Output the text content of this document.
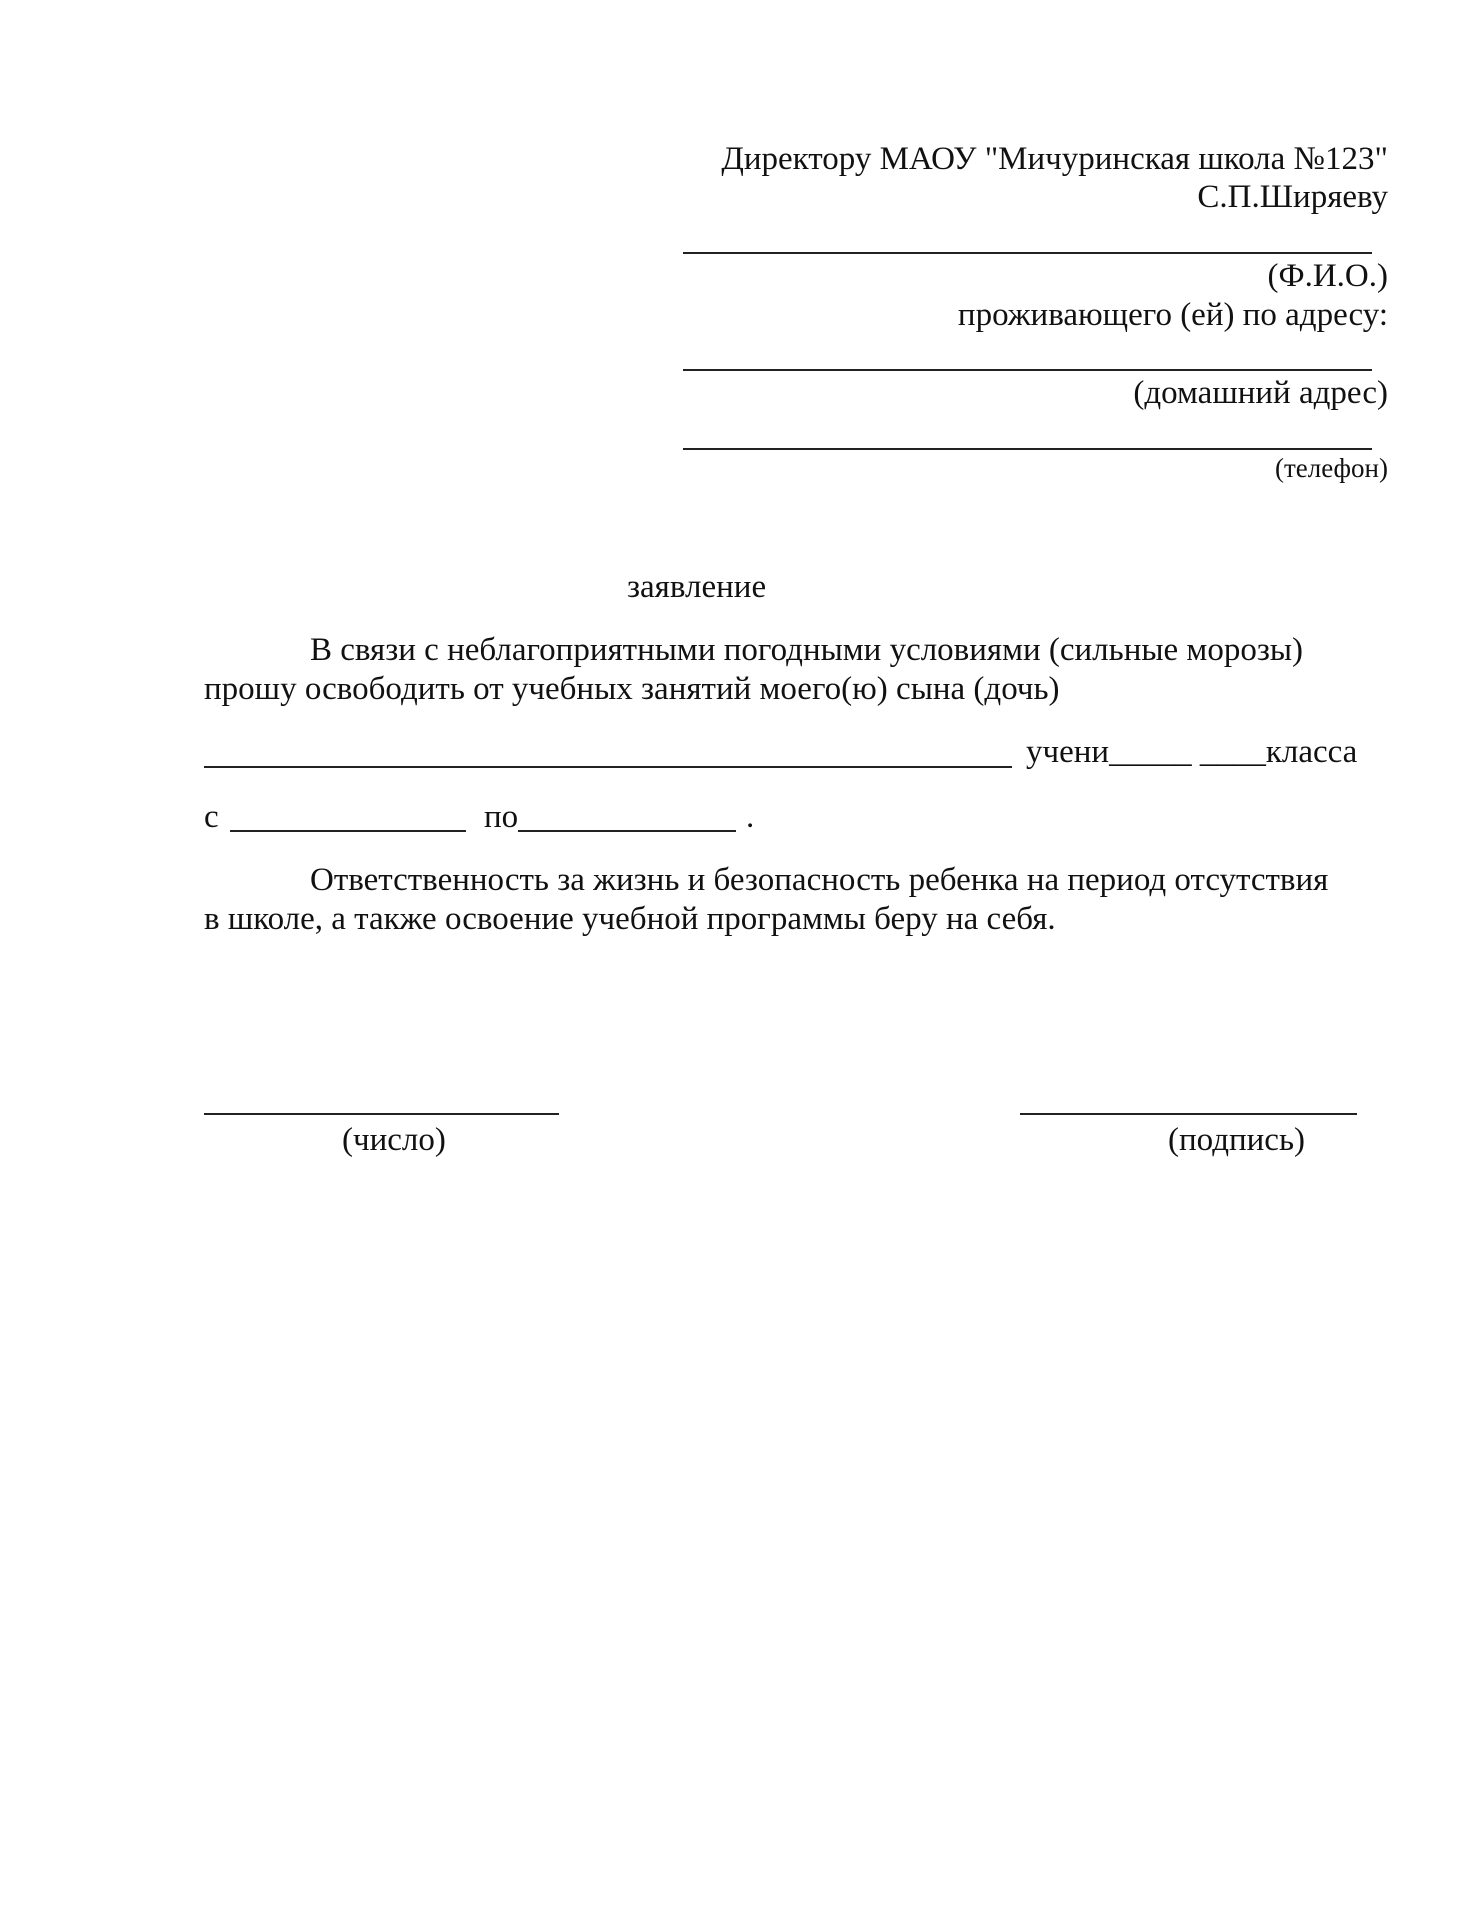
Директору МАОУ "Мичуринская школа №123"
С.П.Ширяеву
(Ф.И.О.)
проживающего (ей) по адресу:
(домашний адрес)
(телефон)
заявление
В связи с неблагоприятными погодными условиями (сильные морозы)
прошу освободить от учебных занятий моего(ю) сына (дочь)
учени_____ ____класса
с	по	.
Ответственность за жизнь и безопасность ребенка на период отсутствия
в школе, а также освоение учебной программы беру на себя.
(число)	(подпись)
